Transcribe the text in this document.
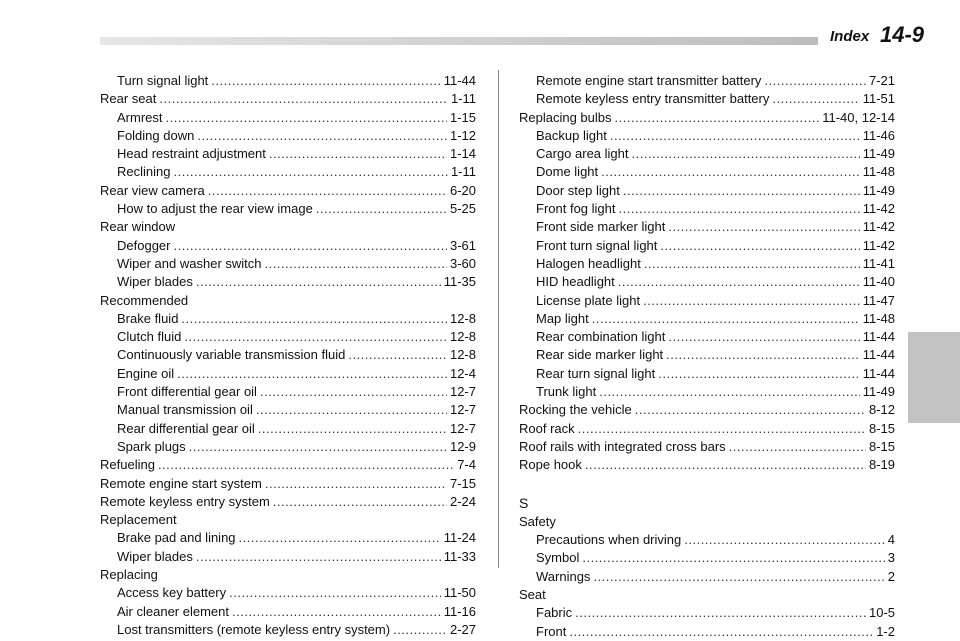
Index 14-9
Turn signal light .....	11-44
Rear seat .....	1-11
Armrest .....	1-15
Folding down .....	1-12
Head restraint adjustment .....	1-14
Reclining .....	1-11
Rear view camera .....	6-20
How to adjust the rear view image .....	5-25
Rear window
Defogger .....	3-61
Wiper and washer switch .....	3-60
Wiper blades .....	11-35
Recommended
Brake fluid .....	12-8
Clutch fluid .....	12-8
Continuously variable transmission fluid .....	12-8
Engine oil .....	12-4
Front differential gear oil .....	12-7
Manual transmission oil .....	12-7
Rear differential gear oil .....	12-7
Spark plugs .....	12-9
Refueling .....	7-4
Remote engine start system .....	7-15
Remote keyless entry system .....	2-24
Replacement
Brake pad and lining .....	11-24
Wiper blades .....	11-33
Replacing
Access key battery .....	11-50
Air cleaner element .....	11-16
Lost transmitters (remote keyless entry system) .....	2-27
Remote engine start transmitter battery .....	7-21
Remote keyless entry transmitter battery .....	11-51
Replacing bulbs .....	11-40, 12-14
Backup light .....	11-46
Cargo area light .....	11-49
Dome light .....	11-48
Door step light .....	11-49
Front fog light .....	11-42
Front side marker light .....	11-42
Front turn signal light .....	11-42
Halogen headlight .....	11-41
HID headlight .....	11-40
License plate light .....	11-47
Map light .....	11-48
Rear combination light .....	11-44
Rear side marker light .....	11-44
Rear turn signal light .....	11-44
Trunk light .....	11-49
Rocking the vehicle .....	8-12
Roof rack .....	8-15
Roof rails with integrated cross bars .....	8-15
Rope hook .....	8-19
S
Safety
Precautions when driving .....	4
Symbol .....	3
Warnings .....	2
Seat
Fabric .....	10-5
Front .....	1-2
